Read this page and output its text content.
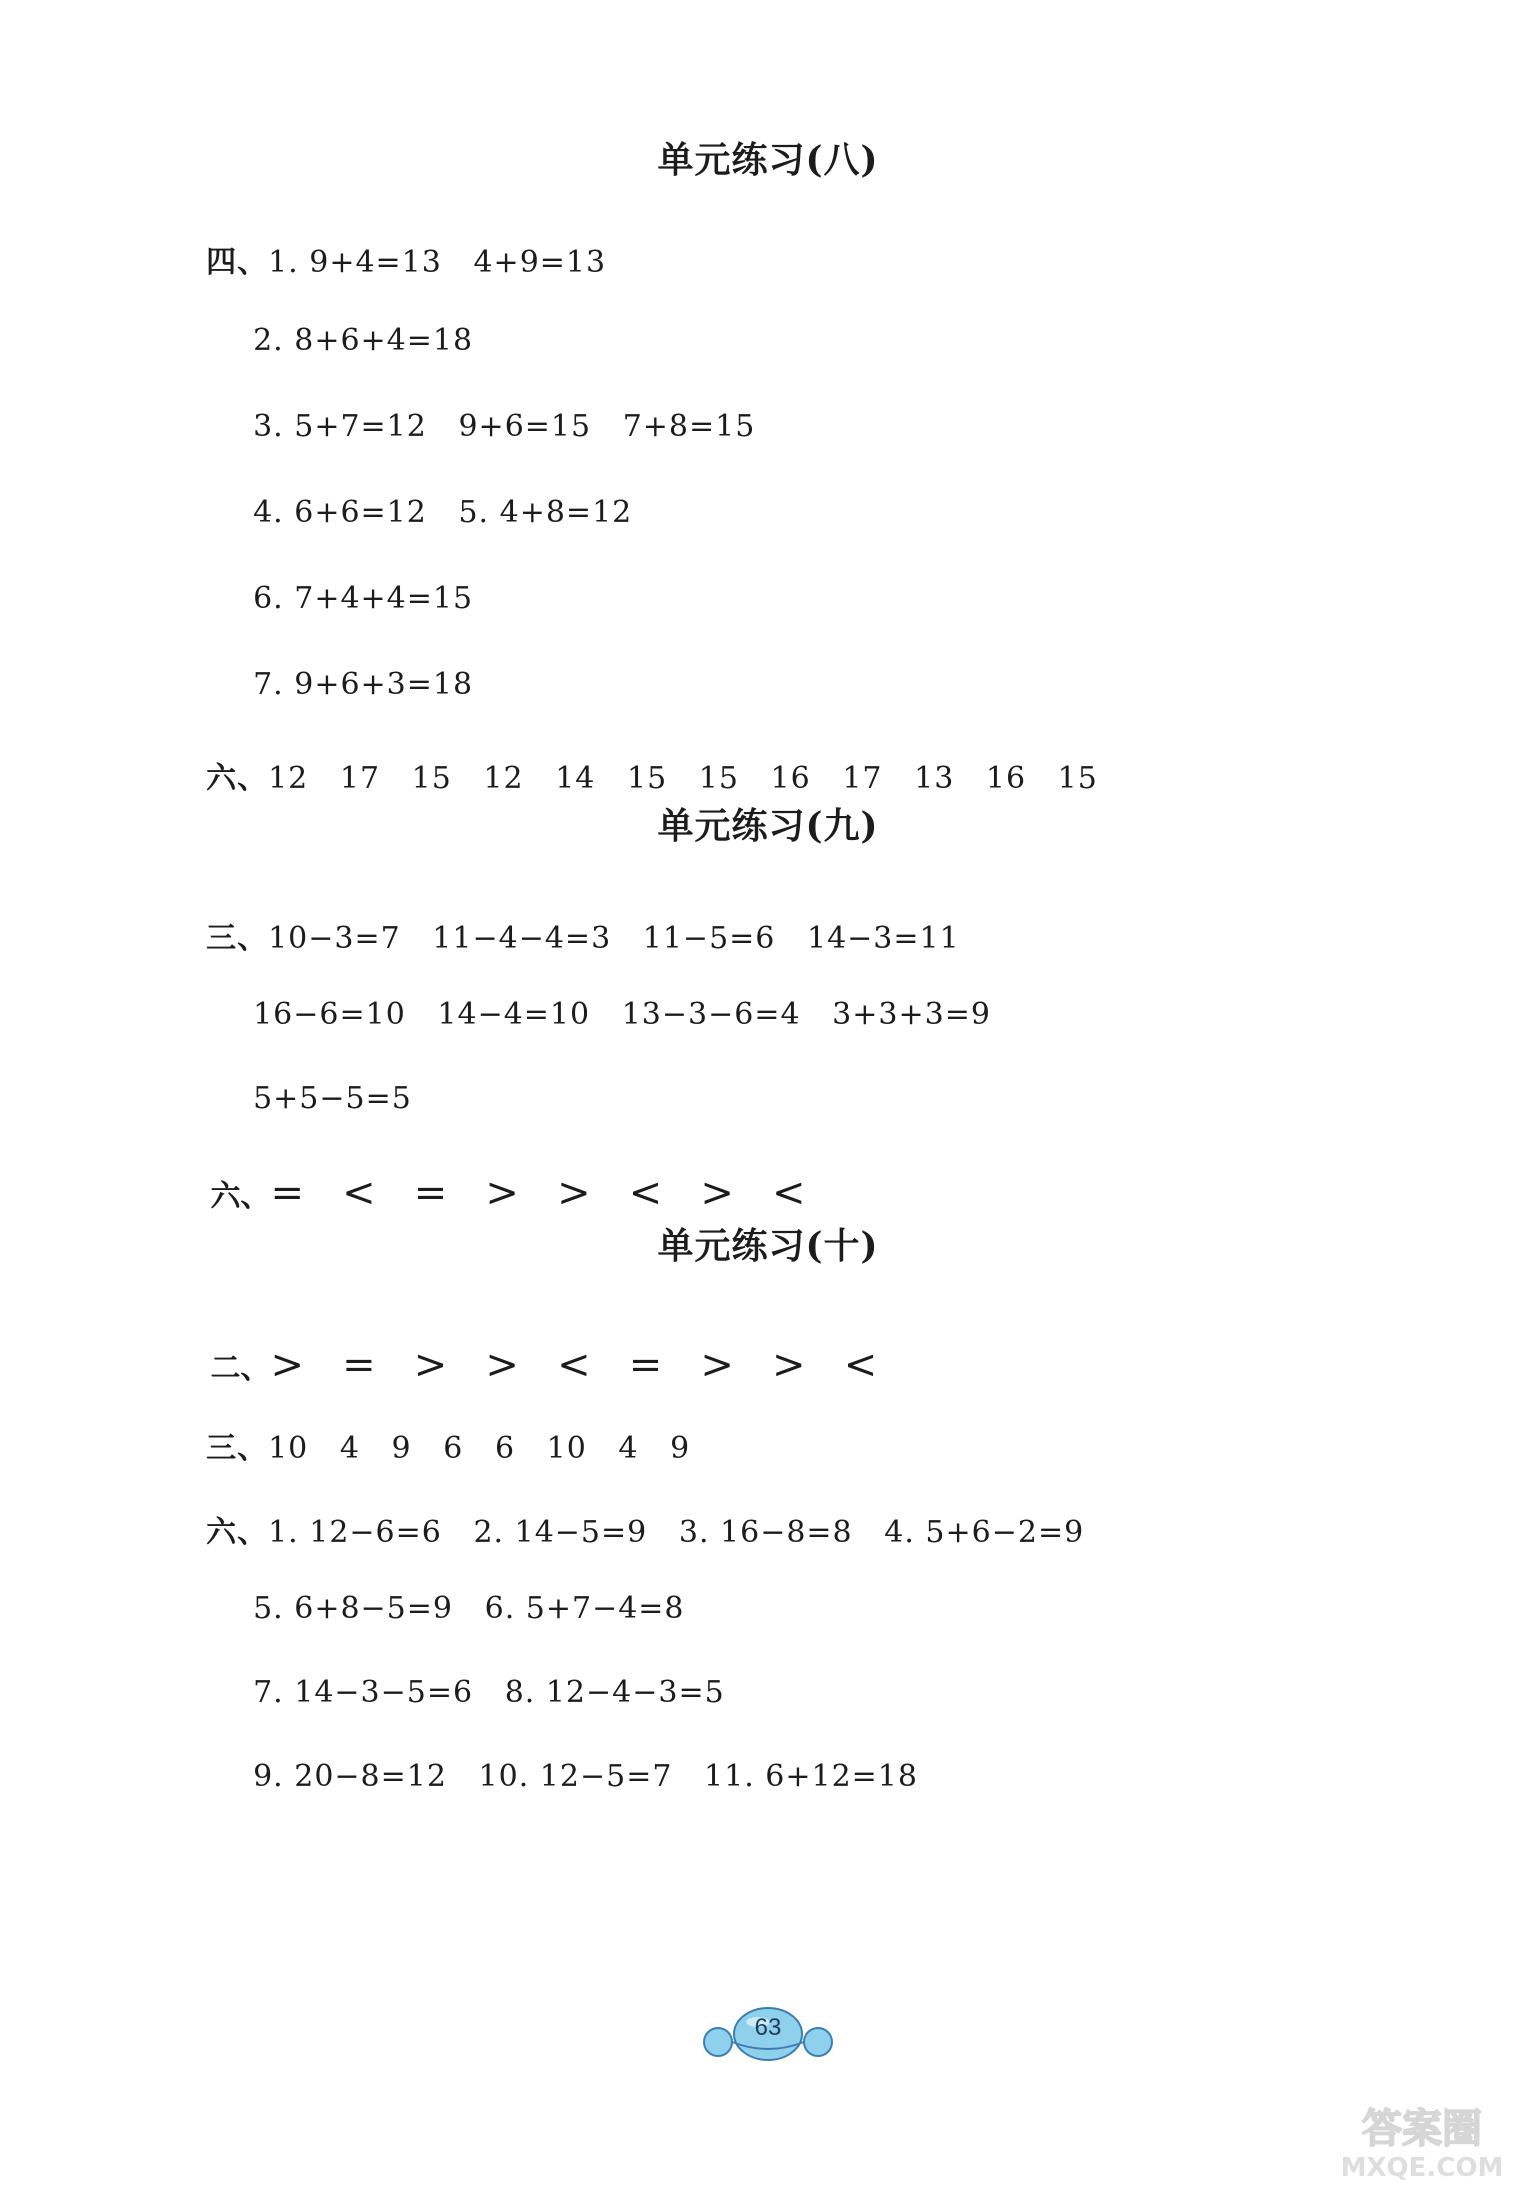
单元练习(八)

四、1. 9+4=13   4+9=13

2. 8+6+4=18

3. 5+7=12   9+6=15   7+8=15

4. 6+6=12   5. 4+8=12

6. 7+4+4=15

7. 9+6+3=18

六、12   17   15   12   14   15   15   16   17   13   16   15

单元练习(九)

三、10−3=7   11−4−4=3   11−5=6   14−3=11

16−6=10   14−4=10   13−3−6=4   3+3+3=9

5+5−5=5

六、=   <   =   >   >   <   >   <

单元练习(十)

二、>   =   >   >   <   =   >   >   <

三、10   4   9   6   6   10   4   9

六、1. 12−6=6   2. 14−5=9   3. 16−8=8   4. 5+6−2=9

5. 6+8−5=9   6. 5+7−4=8

7. 14−3−5=6   8. 12−4−3=5

9. 20−8=12   10. 12−5=7   11. 6+12=18

63
答案圈
MXQE.COM
